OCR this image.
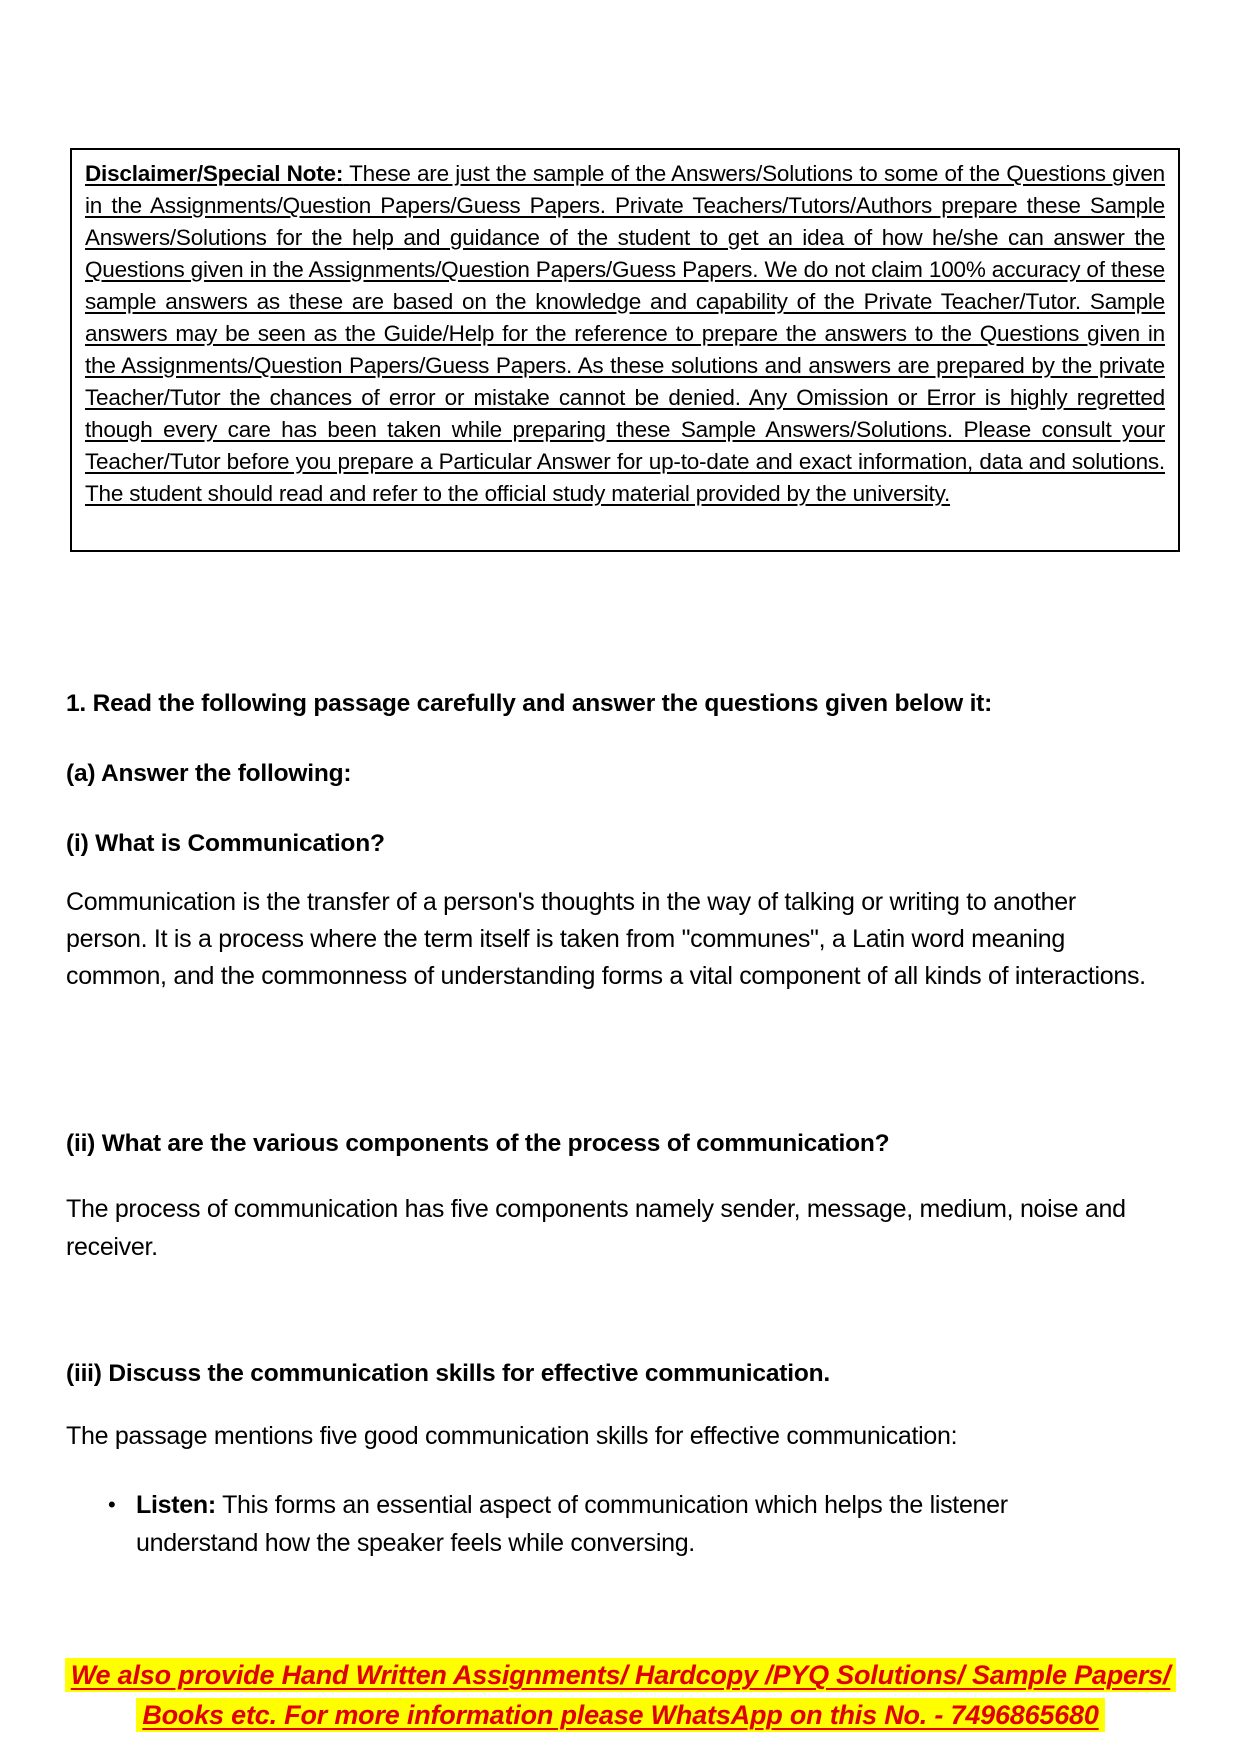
Disclaimer/Special Note: These are just the sample of the Answers/Solutions to some of the Questions given in the Assignments/Question Papers/Guess Papers. Private Teachers/Tutors/Authors prepare these Sample Answers/Solutions for the help and guidance of the student to get an idea of how he/she can answer the Questions given in the Assignments/Question Papers/Guess Papers. We do not claim 100% accuracy of these sample answers as these are based on the knowledge and capability of the Private Teacher/Tutor. Sample answers may be seen as the Guide/Help for the reference to prepare the answers to the Questions given in the Assignments/Question Papers/Guess Papers. As these solutions and answers are prepared by the private Teacher/Tutor the chances of error or mistake cannot be denied. Any Omission or Error is highly regretted though every care has been taken while preparing these Sample Answers/Solutions. Please consult your Teacher/Tutor before you prepare a Particular Answer for up-to-date and exact information, data and solutions. The student should read and refer to the official study material provided by the university.

1. Read the following passage carefully and answer the questions given below it:

(a) Answer the following:

(i) What is Communication?

Communication is the transfer of a person's thoughts in the way of talking or writing to another person. It is a process where the term itself is taken from "communes", a Latin word meaning common, and the commonness of understanding forms a vital component of all kinds of interactions.

(ii) What are the various components of the process of communication?

The process of communication has five components namely sender, message, medium, noise and receiver.

(iii) Discuss the communication skills for effective communication.

The passage mentions five good communication skills for effective communication:

• Listen: This forms an essential aspect of communication which helps the listener understand how the speaker feels while conversing.

We also provide Hand Written Assignments/ Hardcopy /PYQ Solutions/ Sample Papers/

Books etc. For more information please WhatsApp on this No. - 7496865680
